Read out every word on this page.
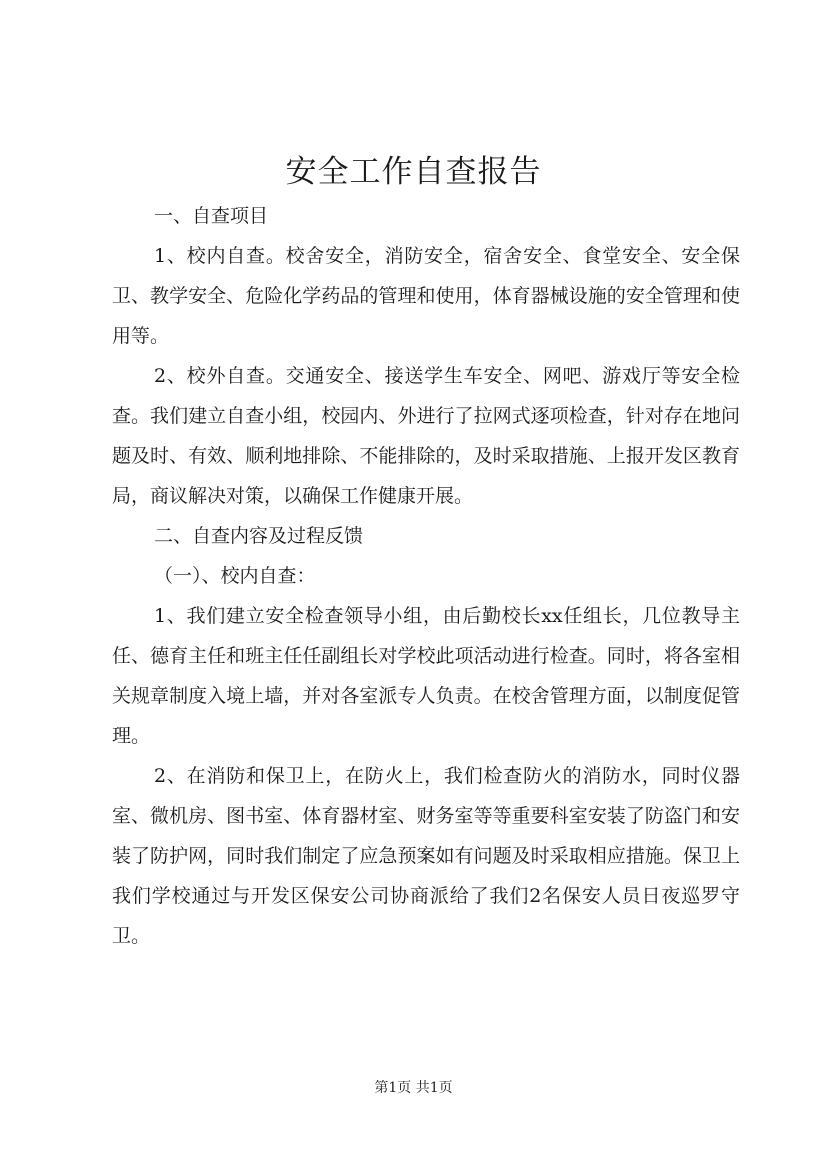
安全工作自查报告

一、自查项目

1、校内自查。校舍安全，消防安全，宿舍安全、食堂安全、安全保卫、教学安全、危险化学药品的管理和使用，体育器械设施的安全管理和使用等。

2、校外自查。交通安全、接送学生车安全、网吧、游戏厅等安全检查。我们建立自查小组，校园内、外进行了拉网式逐项检查，针对存在地问题及时、有效、顺利地排除、不能排除的，及时采取措施、上报开发区教育局，商议解决对策，以确保工作健康开展。

二、自查内容及过程反馈

（一）、校内自查：

1、我们建立安全检查领导小组，由后勤校长xx任组长，几位教导主任、德育主任和班主任任副组长对学校此项活动进行检查。同时，将各室相关规章制度入境上墙，并对各室派专人负责。在校舍管理方面，以制度促管理。

2、在消防和保卫上，在防火上，我们检查防火的消防水，同时仪器室、微机房、图书室、体育器材室、财务室等等重要科室安装了防盗门和安装了防护网，同时我们制定了应急预案如有问题及时采取相应措施。保卫上我们学校通过与开发区保安公司协商派给了我们2名保安人员日夜巡罗守卫。

第1页 共1页
